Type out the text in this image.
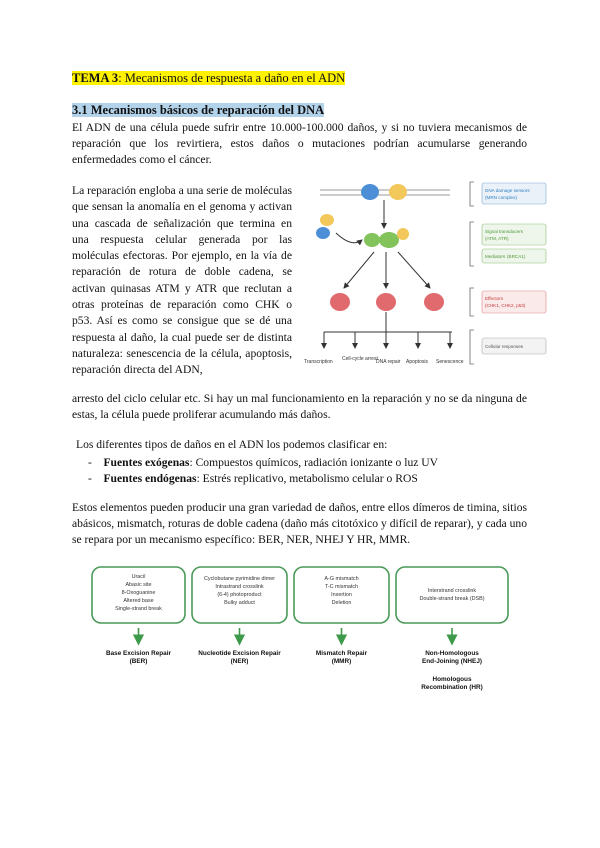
TEMA 3: Mecanismos de respuesta a daño en el ADN
3.1 Mecanismos básicos de reparación del DNA

El ADN de una célula puede sufrir entre 10.000-100.000 daños, y si no tuviera mecanismos de reparación que los revirtiera, estos daños o mutaciones podrían acumularse generando enfermedades como el cáncer.

La reparación engloba a una serie de moléculas que sensan la anomalía en el genoma y activan una cascada de señalización que termina en una respuesta celular generada por las moléculas efectoras. Por ejemplo, en la vía de reparación de rotura de doble cadena, se activan quinasas ATM y ATR que reclutan a otras proteínas de reparación como CHK o p53. Así es como se consigue que se dé una respuesta al daño, la cual puede ser de distinta naturaleza: senescencia de la célula, apoptosis, reparación directa del ADN,

arresto del ciclo celular etc. Si hay un mal funcionamiento en la reparación y no se da ninguna de estas, la célula puede proliferar acumulando más daños.

Los diferentes tipos de daños en el ADN los podemos clasificar en:

- Fuentes exógenas: Compuestos químicos, radiación ionizante o luz UV
- Fuentes endógenas: Estrés replicativo, metabolismo celular o ROS

Estos elementos pueden producir una gran variedad de daños, entre ellos dímeros de timina, sitios abásicos, mismatch, roturas de doble cadena (daño más citotóxico y difícil de reparar), y cada uno se repara por un mecanismo específico: BER, NER, NHEJ Y HR, MMR.

Transcription Cell-cycle arrest
DNA repair Apoptosis Senescence
DNA damage sensors
(MRN complex)
Signal transducers
(ATM, ATR)
Mediators (BRCA1)
Effectors
(CHK1, CHK2, p53)
Cellular responses
Uracil
Abasic site
8-Oxoguanine
Altered base
Single-strand break
Cyclobutane pyrimidine dimer
Intrastrand crosslink
(6-4) photoproduct
Bulky adduct
A-G mismatch
T-C mismatch
Insertion
Deletion
Interstrand crosslink
Double-strand break (DSB)
Base Excision Repair
(BER)
Nucleotide Excision Repair
(NER)
Mismatch Repair
(MMR)
Non-Homologous
End-Joining (NHEJ)
Homologous
Recombination (HR)
